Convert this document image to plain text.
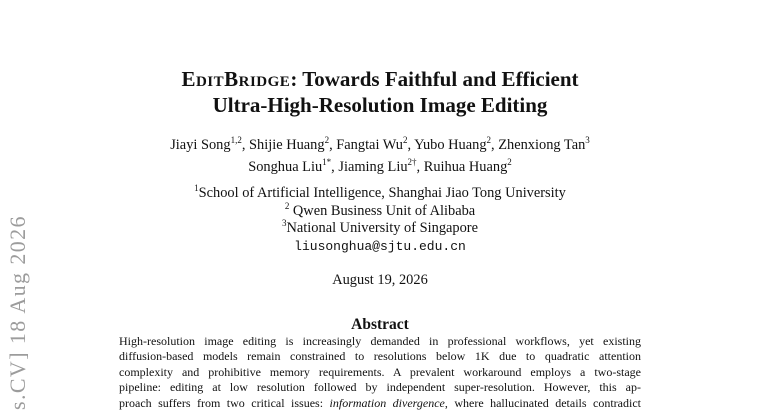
s.CV] 18 Aug 2026
EditBridge: Towards Faithful and Efficient
Ultra-High-Resolution Image Editing
Jiayi Song$^{1,2}$, Shijie Huang$^2$, Fangtai Wu$^2$, Yubo Huang$^2$, Zhenxiong Tan$^3$
Songhua Liu$^{1*}$, Jiaming Liu$^{2\dagger}$, Ruihua Huang$^2$
$^1$School of Artificial Intelligence, Shanghai Jiao Tong University
$^2$ Qwen Business Unit of Alibaba
$^3$National University of Singapore
liusonghua@sjtu.edu.cn
August 19, 2026
Abstract
High-resolution image editing is increasingly demanded in professional workflows, yet existing
diffusion-based models remain constrained to resolutions below 1K due to quadratic attention
complexity and prohibitive memory requirements. A prevalent workaround employs a two-stage
pipeline: editing at low resolution followed by independent super-resolution. However, this ap-
proach suffers from two critical issues: information divergence, where hallucinated details contradict
